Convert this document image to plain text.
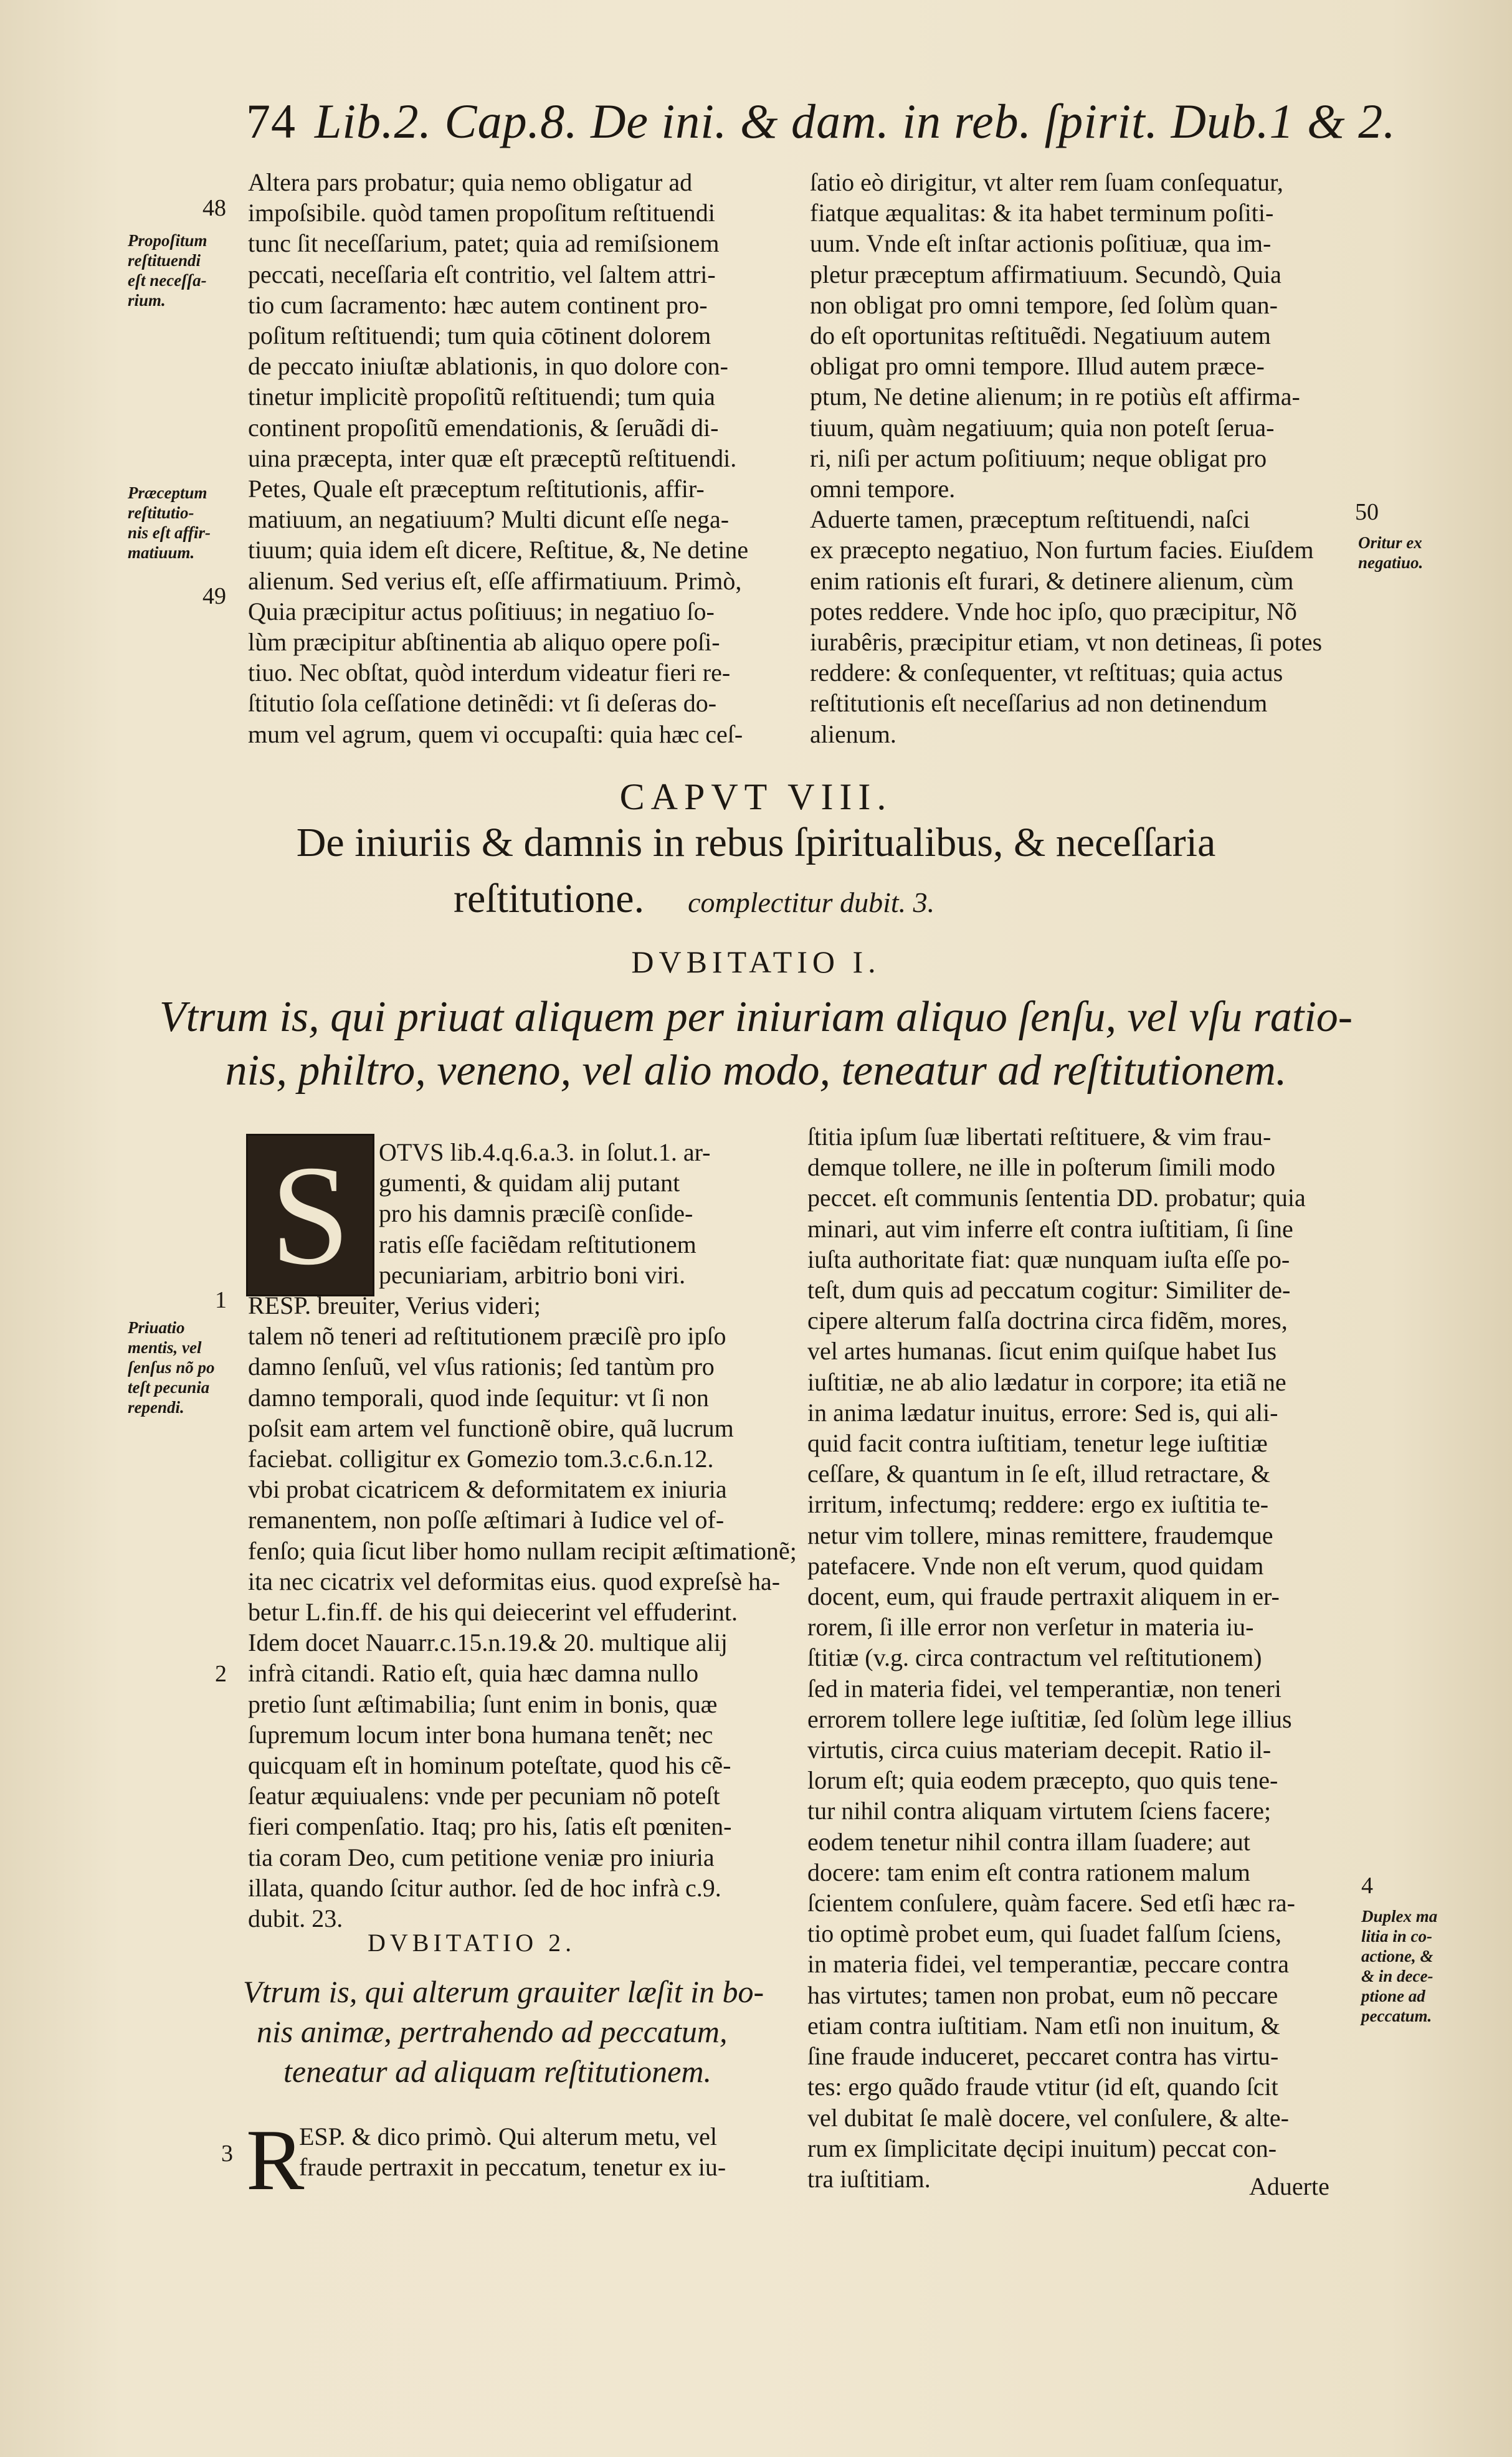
74 Lib.2. Cap.8. De ini. & dam. in reb. ſpirit. Dub.1 & 2.

Altera pars probatur; quia nemo obligatur ad

impoſsibile. quòd tamen propoſitum reſtituendi

tunc ſit neceſſarium, patet; quia ad remiſsionem

peccati, neceſſaria eſt contritio, vel ſaltem attri-

tio cum ſacramento: hæc autem continent pro-

poſitum reſtituendi; tum quia cōtinent dolorem

de peccato iniuſtæ ablationis, in quo dolore con-

tinetur implicitè propoſitũ reſtituendi; tum quia

continent propoſitũ emendationis, & ſeruãdi di-

uina præcepta, inter quæ eſt præceptũ reſtituendi.

Petes, Quale eſt præceptum reſtitutionis, affir-

matiuum, an negatiuum? Multi dicunt eſſe nega-

tiuum; quia idem eſt dicere, Reſtitue, &, Ne detine

alienum. Sed verius eſt, eſſe affirmatiuum. Primò,

Quia præcipitur actus poſitiuus; in negatiuo ſo-

lùm præcipitur abſtinentia ab aliquo opere poſi-

tiuo. Nec obſtat, quòd interdum videatur fieri re-

ſtitutio ſola ceſſatione detinẽdi: vt ſi deſeras do-

mum vel agrum, quem vi occupaſti: quia hæc ceſ-

ſatio eò dirigitur, vt alter rem ſuam conſequatur,

fiatque æqualitas: & ita habet terminum poſiti-

uum. Vnde eſt inſtar actionis poſitiuæ, qua im-

pletur præceptum affirmatiuum. Secundò, Quia

non obligat pro omni tempore, ſed ſolùm quan-

do eſt oportunitas reſtituẽdi. Negatiuum autem

obligat pro omni tempore. Illud autem præce-

ptum, Ne detine alienum; in re potiùs eſt affirma-

tiuum, quàm negatiuum; quia non poteſt ſerua-

ri, niſi per actum poſitiuum; neque obligat pro

omni tempore.

Aduerte tamen, præceptum reſtituendi, naſci

ex præcepto negatiuo, Non furtum facies. Eiuſdem

enim rationis eſt furari, & detinere alienum, cùm

potes reddere. Vnde hoc ipſo, quo præcipitur, Nõ

iurabêris, præcipitur etiam, vt non detineas, ſi potes

reddere: & conſequenter, vt reſtituas; quia actus

reſtitutionis eſt neceſſarius ad non detinendum

alienum.

48
Propoſitum
reſtituendi
eſt neceſſa-
rium.
Præceptum
reſtitutio-
nis eſt affir-
matiuum.
49
50
Oritur ex
negatiuo.
CAPVT VIII.
De iniuriis & damnis in rebus ſpiritualibus, & neceſſaria
reſtitutione. complectitur dubit. 3.
DVBITATIO I.
Vtrum is, qui priuat aliquem per iniuriam aliquo ſenſu, vel vſu ratio-
nis, philtro, veneno, vel alio modo, teneatur ad reſtitutionem.
S OTVS lib.4.q.6.a.3. in ſolut.1. ar-

gumenti, & quidam alij putant

pro his damnis præciſè conſide-

ratis eſſe faciẽdam reſtitutionem

pecuniariam, arbitrio boni viri.

RESP. breuiter, Verius videri;

talem nõ teneri ad reſtitutionem præciſè pro ipſo

damno ſenſuũ, vel vſus rationis; ſed tantùm pro

damno temporali, quod inde ſequitur: vt ſi non

poſsit eam artem vel functionẽ obire, quã lucrum

faciebat. colligitur ex Gomezio tom.3.c.6.n.12.

vbi probat cicatricem & deformitatem ex iniuria

remanentem, non poſſe æſtimari à Iudice vel of-

fenſo; quia ſicut liber homo nullam recipit æſtimationẽ;

ita nec cicatrix vel deformitas eius. quod expreſsè ha-

betur L.fin.ff. de his qui deiecerint vel effuderint.

Idem docet Nauarr.c.15.n.19.& 20. multique alij

infrà citandi. Ratio eſt, quia hæc damna nullo

pretio ſunt æſtimabilia; ſunt enim in bonis, quæ

ſupremum locum inter bona humana tenẽt; nec

quicquam eſt in hominum poteſtate, quod his cẽ-

ſeatur æquiualens: vnde per pecuniam nõ poteſt

fieri compenſatio. Itaq; pro his, ſatis eſt pœniten-

tia coram Deo, cum petitione veniæ pro iniuria

illata, quando ſcitur author. ſed de hoc infrà c.9.

dubit. 23.

1
Priuatio
mentis, vel
ſenſus nõ po
teſt pecunia
rependi.
2
3
DVBITATIO 2.
Vtrum is, qui alterum grauiter læſit in bo-
nis animæ, pertrahendo ad peccatum,
teneatur ad aliquam reſtitutionem.
R

ESP. & dico primò. Qui alterum metu, vel

fraude pertraxit in peccatum, tenetur ex iu-

ſtitia ipſum ſuæ libertati reſtituere, & vim frau-

demque tollere, ne ille in poſterum ſimili modo

peccet. eſt communis ſententia DD. probatur; quia

minari, aut vim inferre eſt contra iuſtitiam, ſi ſine

iuſta authoritate fiat: quæ nunquam iuſta eſſe po-

teſt, dum quis ad peccatum cogitur: Similiter de-

cipere alterum falſa doctrina circa fidẽm, mores,

vel artes humanas. ſicut enim quiſque habet Ius

iuſtitiæ, ne ab alio lædatur in corpore; ita etiã ne

in anima lædatur inuitus, errore: Sed is, qui ali-

quid facit contra iuſtitiam, tenetur lege iuſtitiæ

ceſſare, & quantum in ſe eſt, illud retractare, &

irritum, infectumq; reddere: ergo ex iuſtitia te-

netur vim tollere, minas remittere, fraudemque

patefacere. Vnde non eſt verum, quod quidam

docent, eum, qui fraude pertraxit aliquem in er-

rorem, ſi ille error non verſetur in materia iu-

ſtitiæ (v.g. circa contractum vel reſtitutionem)

ſed in materia fidei, vel temperantiæ, non teneri

errorem tollere lege iuſtitiæ, ſed ſolùm lege illius

virtutis, circa cuius materiam decepit. Ratio il-

lorum eſt; quia eodem præcepto, quo quis tene-

tur nihil contra aliquam virtutem ſciens facere;

eodem tenetur nihil contra illam ſuadere; aut

docere: tam enim eſt contra rationem malum

ſcientem conſulere, quàm facere. Sed etſi hæc ra-

tio optimè probet eum, qui ſuadet falſum ſciens,

in materia fidei, vel temperantiæ, peccare contra

has virtutes; tamen non probat, eum nõ peccare

etiam contra iuſtitiam. Nam etſi non inuitum, &

ſine fraude induceret, peccaret contra has virtu-

tes: ergo quãdo fraude vtitur (id eſt, quando ſcit

vel dubitat ſe malè docere, vel conſulere, & alte-

rum ex ſimplicitate dęcipi inuitum) peccat con-

tra iuſtitiam.

4
Duplex ma
litia in co-
actione, &
& in dece-
ptione ad
peccatum.
Aduerte
